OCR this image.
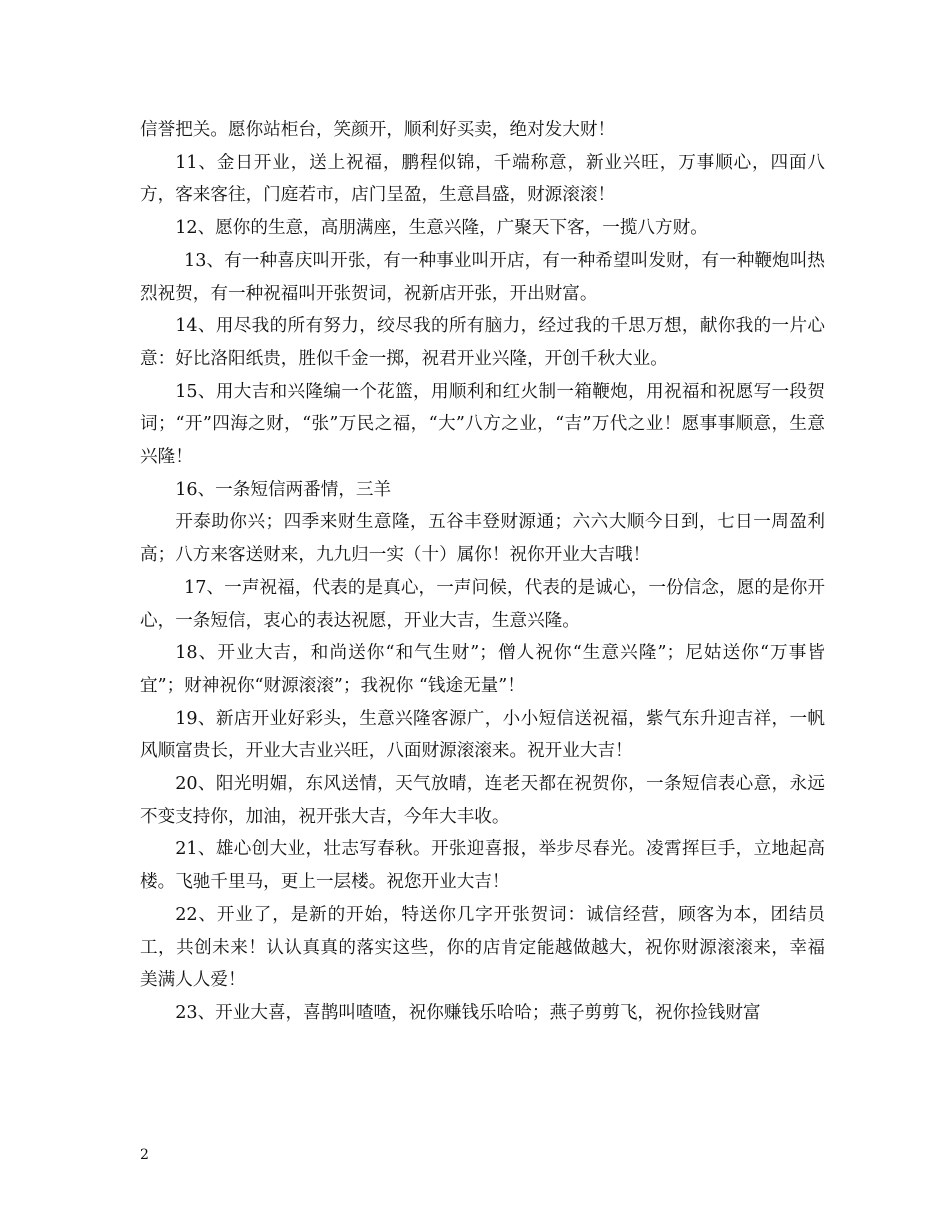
信誉把关。愿你站柜台，笑颜开，顺利好买卖，绝对发大财！

11、金日开业，送上祝福，鹏程似锦，千端称意，新业兴旺，万事顺心，四面八方，客来客往，门庭若市，店门呈盈，生意昌盛，财源滚滚！

12、愿你的生意，高朋满座，生意兴隆，广聚天下客，一揽八方财。

13、有一种喜庆叫开张，有一种事业叫开店，有一种希望叫发财，有一种鞭炮叫热烈祝贺，有一种祝福叫开张贺词，祝新店开张，开出财富。

14、用尽我的所有努力，绞尽我的所有脑力，经过我的千思万想，献你我的一片心意：好比洛阳纸贵，胜似千金一掷，祝君开业兴隆，开创千秋大业。

15、用大吉和兴隆编一个花篮，用顺利和红火制一箱鞭炮，用祝福和祝愿写一段贺词；“开”四海之财，“张”万民之福，“大”八方之业，“吉”万代之业！愿事事顺意，生意兴隆！

16、一条短信两番情，三羊

开泰助你兴；四季来财生意隆，五谷丰登财源通；六六大顺今日到，七日一周盈利高；八方来客送财来，九九归一实（十）属你！祝你开业大吉哦！

17、一声祝福，代表的是真心，一声问候，代表的是诚心，一份信念，愿的是你开心，一条短信，衷心的表达祝愿，开业大吉，生意兴隆。

18、开业大吉，和尚送你“和气生财”；僧人祝你“生意兴隆”；尼姑送你“万事皆宜”；财神祝你“财源滚滚”；我祝你 “钱途无量”！

19、新店开业好彩头，生意兴隆客源广，小小短信送祝福，紫气东升迎吉祥，一帆风顺富贵长，开业大吉业兴旺，八面财源滚滚来。祝开业大吉！

20、阳光明媚，东风送情，天气放晴，连老天都在祝贺你，一条短信表心意，永远不变支持你，加油，祝开张大吉，今年大丰收。

21、雄心创大业，壮志写春秋。开张迎喜报，举步尽春光。凌霄挥巨手，立地起高楼。飞驰千里马，更上一层楼。祝您开业大吉！

22、开业了，是新的开始，特送你几字开张贺词：诚信经营，顾客为本，团结员工，共创未来！认认真真的落实这些，你的店肯定能越做越大，祝你财源滚滚来，幸福美满人人爱！

23、开业大喜，喜鹊叫喳喳，祝你赚钱乐哈哈；燕子剪剪飞，祝你捡钱财富

2
